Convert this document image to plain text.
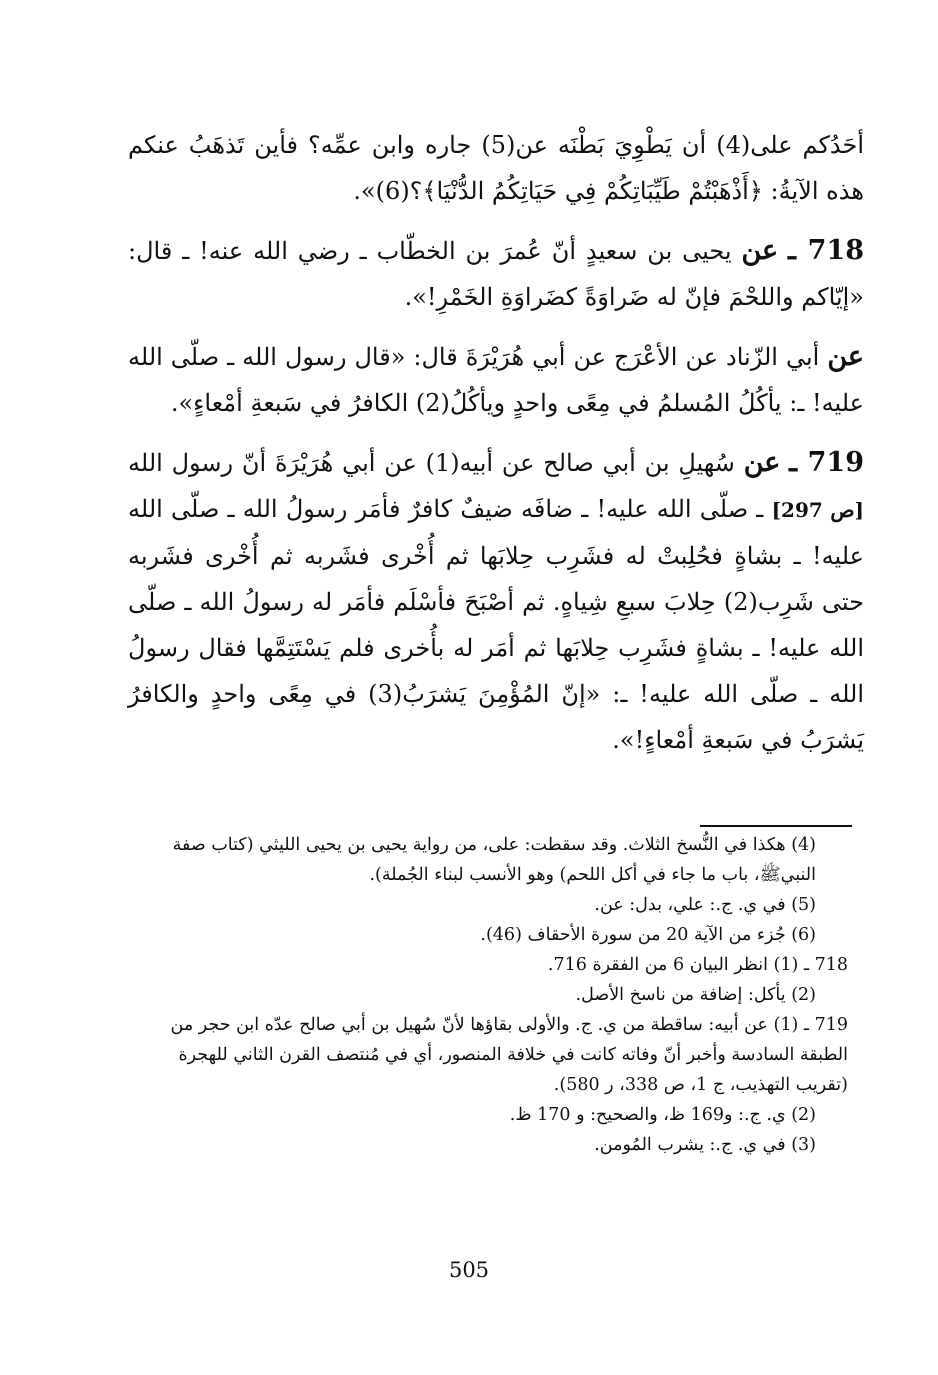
أحَدُكم على(4) أن يَطْوِيَ بَطْنَه عن(5) جاره وابن عمِّه؟ فأين تَذهَبُ عنكم هذه الآيةُ: ﴿أَذْهَبْتُمْ طَيِّبَاتِكُمْ فِي حَيَاتِكُمُ الدُّنْيَا﴾؟(6)».

718 ـ عن يحيى بن سعيدٍ أنّ عُمرَ بن الخطّاب ـ رضي الله عنه! ـ قال: «إيّاكم واللحْمَ فإنّ له ضَراوَةً كضَراوَةِ الخَمْرِ!».

عن أبي الزّناد عن الأعْرَج عن أبي هُرَيْرَةَ قال: «قال رسول الله ـ صلّى الله عليه! ـ: يأكُلُ المُسلمُ في مِعًى واحدٍ ويأكُلُ(2) الكافرُ في سَبعةِ أمْعاءٍ».

719 ـ عن سُهيلِ بن أبي صالح عن أبيه(1) عن أبي هُرَيْرَةَ أنّ رسول الله [ص 297] ـ صلّى الله عليه! ـ ضافَه ضيفٌ كافرٌ فأمَر رسولُ الله ـ صلّى الله عليه! ـ بشاةٍ فحُلِبتْ له فشَرِب حِلابَها ثم أُخْرى فشَربه ثم أُخْرى فشَربه حتى شَرِب(2) حِلابَ سبعِ شِياهٍ. ثم أصْبَحَ فأسْلَم فأمَر له رسولُ الله ـ صلّى الله عليه! ـ بشاةٍ فشَرِب حِلابَها ثم أمَر له بأُخرى فلم يَسْتَتِمَّها فقال رسولُ الله ـ صلّى الله عليه! ـ: «إنّ المُؤْمِنَ يَشرَبُ(3) في مِعًى واحدٍ والكافرُ يَشرَبُ في سَبعةِ أمْعاءٍ!».

(4) هكذا في النُّسخ الثلاث. وقد سقطت: على، من رواية يحيى بن يحيى الليثي (كتاب صفة النبيﷺ، باب ما جاء في أكل اللحم) وهو الأنسب لبناء الجُملة).

(5) في ي. ج.: علي، بدل: عن.

(6) جُزء من الآية 20 من سورة الأحقاف (46).

718 ـ (1) انظر البيان 6 من الفقرة 716.

(2) يأكل: إضافة من ناسخ الأصل.

719 ـ (1) عن أبيه: ساقطة من ي. ج. والأولى بقاؤها لأنّ سُهيل بن أبي صالح عدّه ابن حجر من الطبقة السادسة وأخبر أنّ وفاته كانت في خلافة المنصور، أي في مُنتصف القرن الثاني للهجرة (تقريب التهذيب، ج 1، ص 338، ر 580).

(2) ي. ج.: و169 ظ، والصحيح: و 170 ظ.

(3) في ي. ج.: يشرب المُومن.

505
